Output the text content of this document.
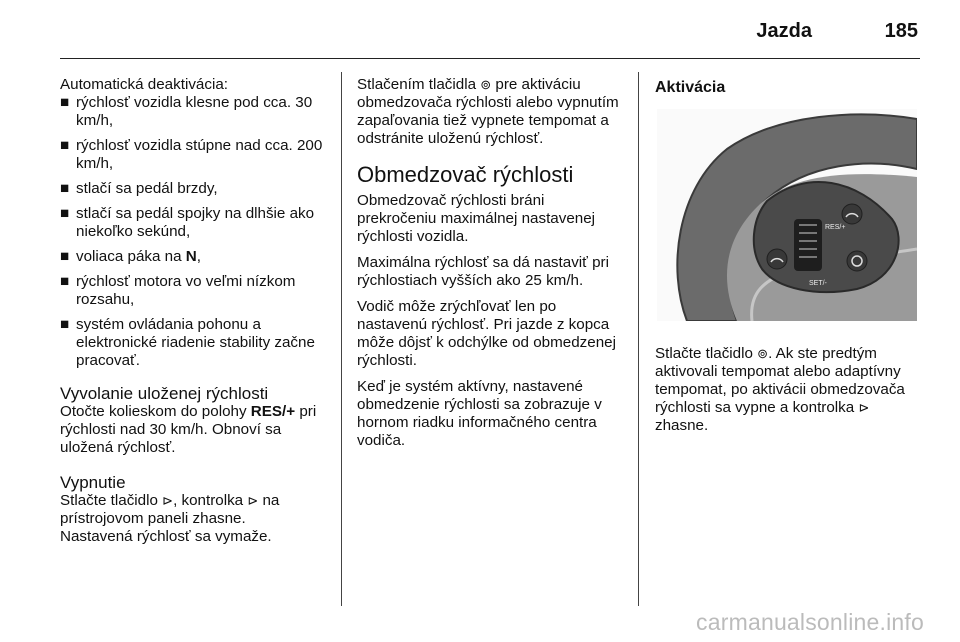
Jazda	185

Automatická deaktivácia:

■ rýchlosť vozidla klesne pod cca. 30 km/h,
■ rýchlosť vozidla stúpne nad cca. 200 km/h,
■ stlačí sa pedál brzdy,
■ stlačí sa pedál spojky na dlhšie ako niekoľko sekúnd,
■ voliaca páka na N,
■ rýchlosť motora vo veľmi nízkom rozsahu,
■ systém ovládania pohonu a elektronické riadenie stability začne pracovať.
Vyvolanie uloženej rýchlosti

Otočte kolieskom do polohy RES/+ pri rýchlosti nad 30 km/h. Obnoví sa uložená rýchlosť.

Vypnutie

Stlačte tlačidlo ⊳, kontrolka ⊳ na prístrojovom paneli zhasne.

Nastavená rýchlosť sa vymaže.

Stlačením tlačidla ⊚ pre aktiváciu obmedzovača rýchlosti alebo vypnutím zapaľovania tiež vypnete tempomat a odstránite uloženú rýchlosť.

Obmedzovač rýchlosti

Obmedzovač rýchlosti bráni prekročeniu maximálnej nastavenej rýchlosti vozidla.

Maximálna rýchlosť sa dá nastaviť pri rýchlostiach vyšších ako 25 km/h.

Vodič môže zrýchľovať len po nastavenú rýchlosť. Pri jazde z kopca môže dôjsť k odchýlke od obmedzenej rýchlosti.

Keď je systém aktívny, nastavené obmedzenie rýchlosti sa zobrazuje v hornom riadku informačného centra vodiča.

Aktivácia
RES/+
SET/-

Stlačte tlačidlo ⊚. Ak ste predtým aktivovali tempomat alebo adaptívny tempomat, po aktivácii obmedzovača rýchlosti sa vypne a kontrolka ⊳ zhasne.

carmanualsonline.info
